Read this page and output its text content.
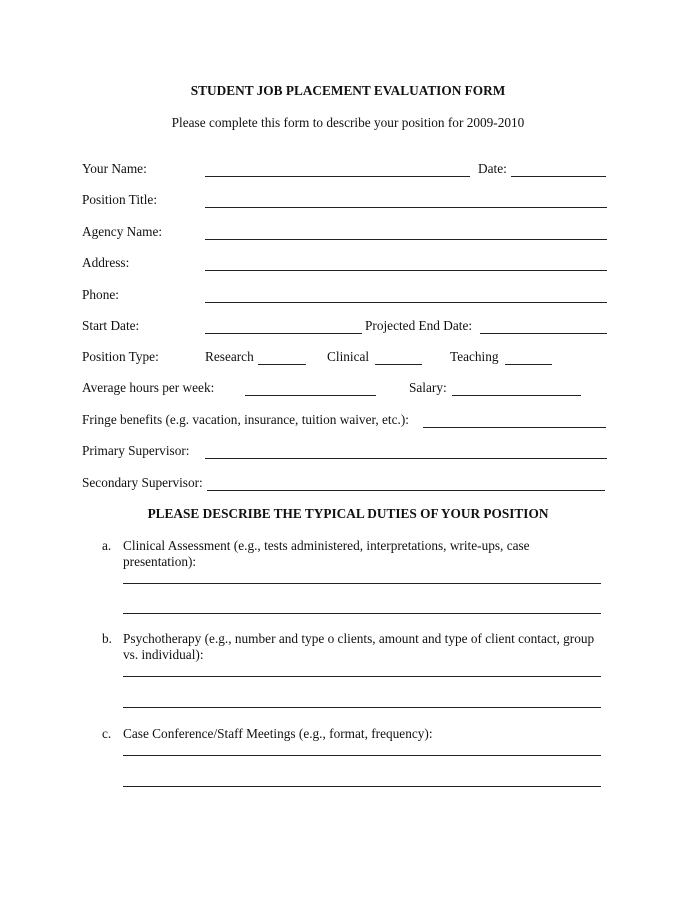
STUDENT JOB PLACEMENT EVALUATION FORM
Please complete this form to describe your position for 2009-2010
Your Name:	Date:
Position Title:
Agency Name:
Address:
Phone:
Start Date:	Projected End Date:
Position Type:	Research	Clinical	Teaching
Average hours per week:	Salary:
Fringe benefits (e.g. vacation, insurance, tuition waiver, etc.):
Primary Supervisor:
Secondary Supervisor:
PLEASE DESCRIBE THE TYPICAL DUTIES OF YOUR POSITION
a. Clinical Assessment (e.g., tests administered, interpretations, write-ups, case
presentation):
b. Psychotherapy (e.g., number and type o clients, amount and type of client contact, group
vs. individual):
c. Case Conference/Staff Meetings (e.g., format, frequency):
